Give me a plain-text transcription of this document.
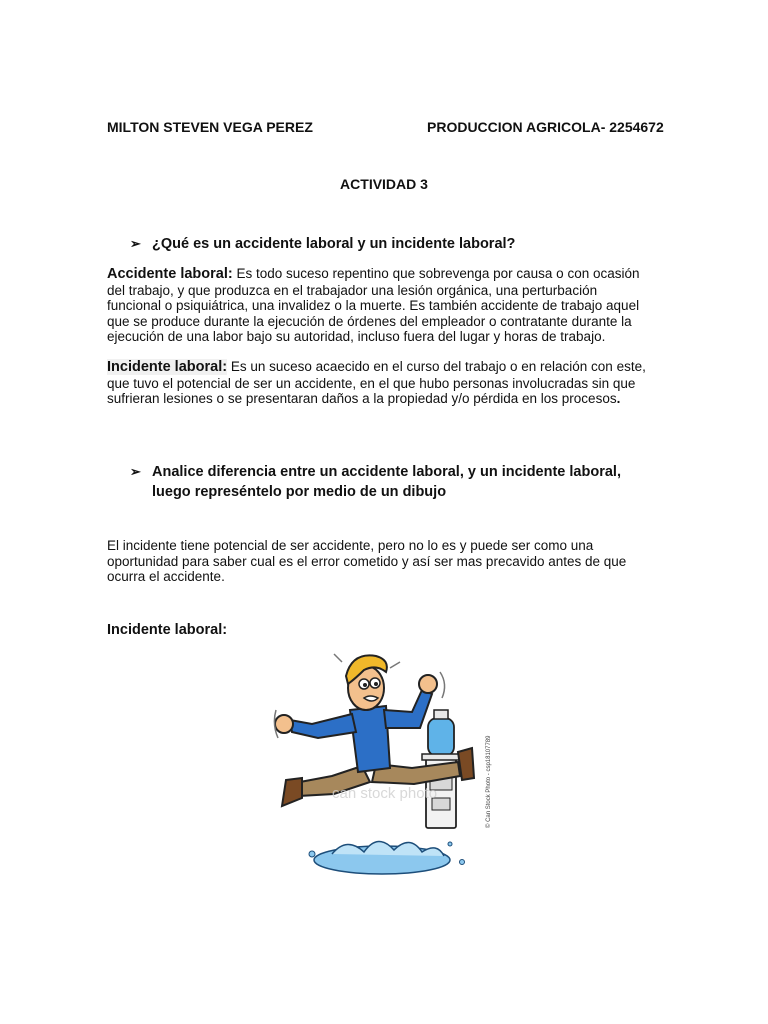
MILTON STEVEN VEGA PEREZ	PRODUCCION AGRICOLA- 2254672
ACTIVIDAD 3
➢ ¿Qué es un accidente laboral y un incidente laboral?
Accidente laboral: Es todo suceso repentino que sobrevenga por causa o con ocasión del trabajo, y que produzca en el trabajador una lesión orgánica, una perturbación funcional o psiquiátrica, una invalidez o la muerte. Es también accidente de trabajo aquel que se produce durante la ejecución de órdenes del empleador o contratante durante la ejecución de una labor bajo su autoridad, incluso fuera del lugar y horas de trabajo.
Incidente laboral: Es un suceso acaecido en el curso del trabajo o en relación con este, que tuvo el potencial de ser un accidente, en el que hubo personas involucradas sin que sufrieran lesiones o se presentaran daños a la propiedad y/o pérdida en los procesos.
➢ Analice diferencia entre un accidente laboral, y un incidente laboral, luego represéntelo por medio de un dibujo
El incidente tiene potencial de ser accidente, pero no lo es y puede ser como una oportunidad para saber cual es el error cometido y así ser mas precavido antes de que ocurra el accidente.
Incidente laboral:
can stock photo	© Can Stock Photo - csp18107789
